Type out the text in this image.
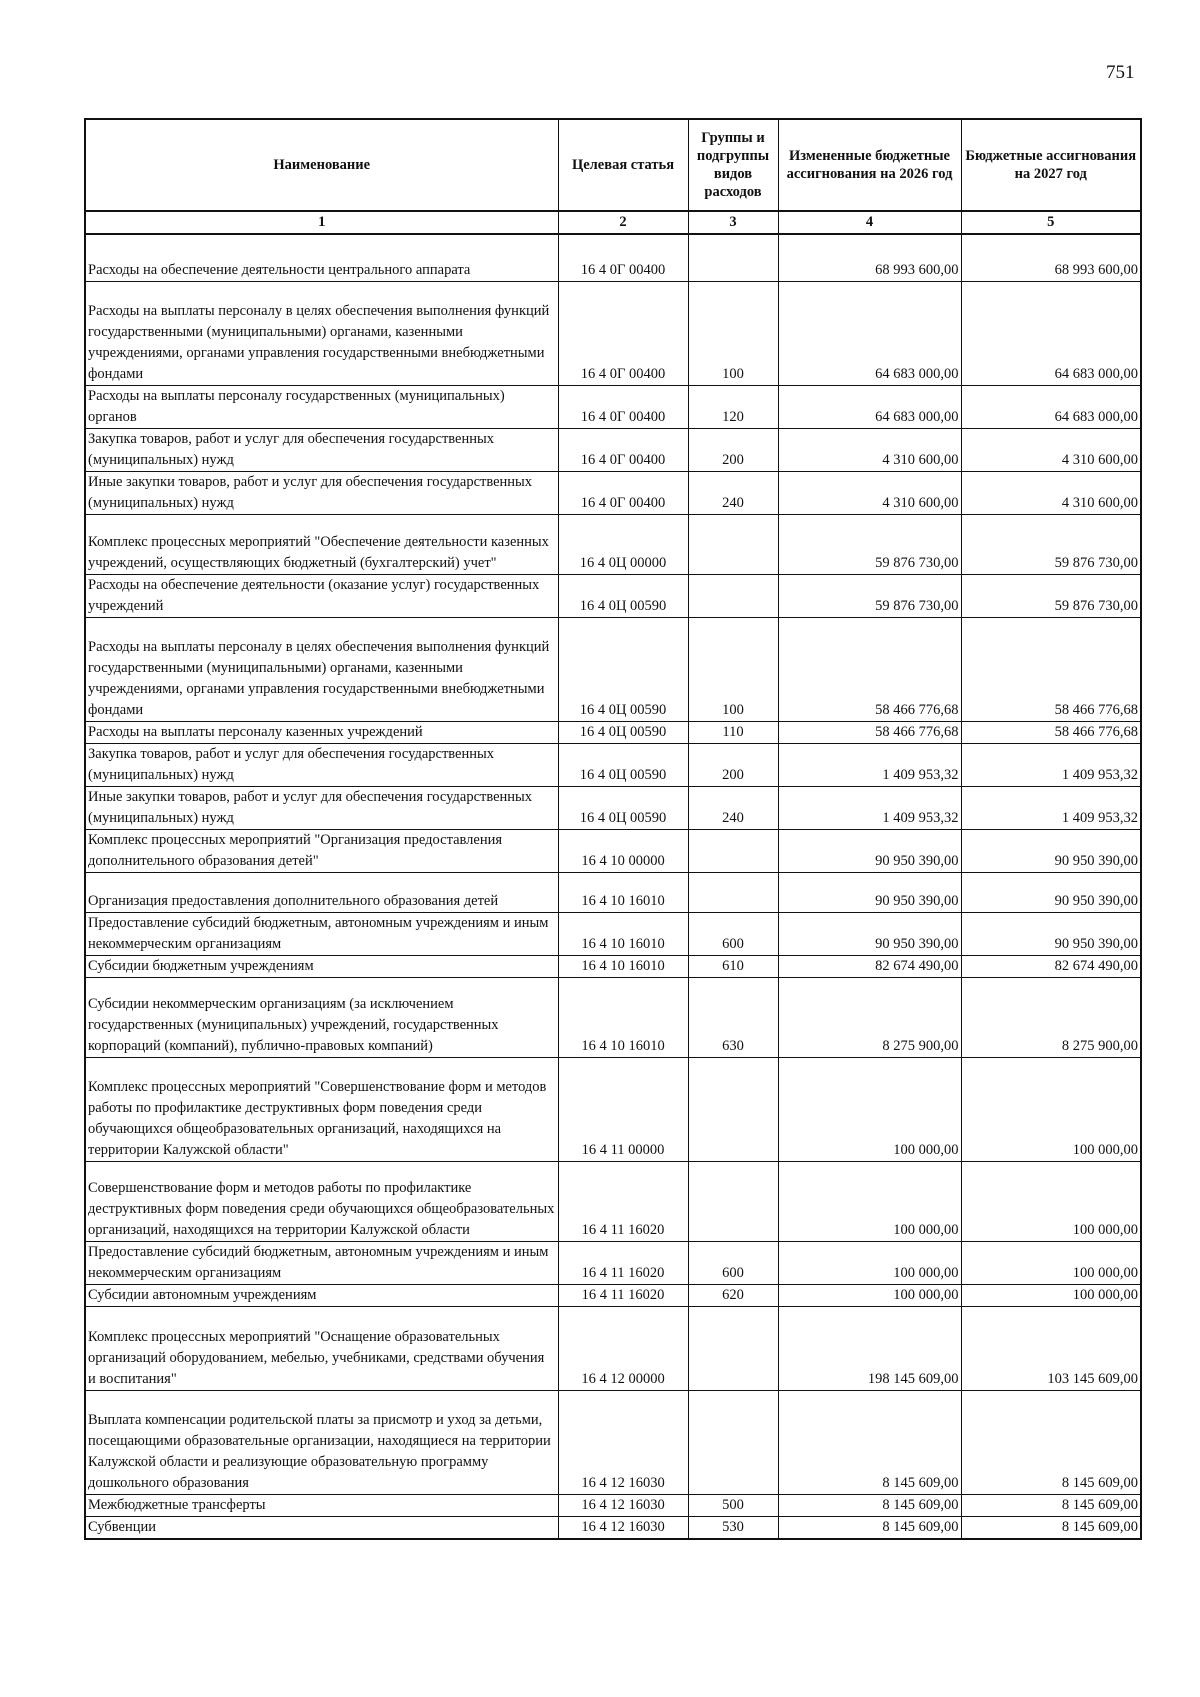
751
Наименование	Целевая статья	Группы и подгруппы видов расходов	Измененные бюджетные ассигнования на 2026 год	Бюджетные ассигнования на 2027 год
1	2	3	4	5
Расходы на обеспечение деятельности центрального аппарата	16 4 0Г 00400		68 993 600,00	68 993 600,00
Расходы на выплаты персоналу в целях обеспечения выполнения функций государственными (муниципальными) органами, казенными учреждениями, органами управления государственными внебюджетными фондами	16 4 0Г 00400	100	64 683 000,00	64 683 000,00
Расходы на выплаты персоналу государственных (муниципальных) органов	16 4 0Г 00400	120	64 683 000,00	64 683 000,00
Закупка товаров, работ и услуг для обеспечения государственных (муниципальных) нужд	16 4 0Г 00400	200	4 310 600,00	4 310 600,00
Иные закупки товаров, работ и услуг для обеспечения государственных (муниципальных) нужд	16 4 0Г 00400	240	4 310 600,00	4 310 600,00
Комплекс процессных мероприятий "Обеспечение деятельности казенных учреждений, осуществляющих бюджетный (бухгалтерский) учет"	16 4 0Ц 00000		59 876 730,00	59 876 730,00
Расходы на обеспечение деятельности (оказание услуг) государственных учреждений	16 4 0Ц 00590		59 876 730,00	59 876 730,00
Расходы на выплаты персоналу в целях обеспечения выполнения функций государственными (муниципальными) органами, казенными учреждениями, органами управления государственными внебюджетными фондами	16 4 0Ц 00590	100	58 466 776,68	58 466 776,68
Расходы на выплаты персоналу казенных учреждений	16 4 0Ц 00590	110	58 466 776,68	58 466 776,68
Закупка товаров, работ и услуг для обеспечения государственных (муниципальных) нужд	16 4 0Ц 00590	200	1 409 953,32	1 409 953,32
Иные закупки товаров, работ и услуг для обеспечения государственных (муниципальных) нужд	16 4 0Ц 00590	240	1 409 953,32	1 409 953,32
Комплекс процессных мероприятий "Организация предоставления дополнительного образования детей"	16 4 10 00000		90 950 390,00	90 950 390,00
Организация предоставления дополнительного образования детей	16 4 10 16010		90 950 390,00	90 950 390,00
Предоставление субсидий бюджетным, автономным учреждениям и иным некоммерческим организациям	16 4 10 16010	600	90 950 390,00	90 950 390,00
Субсидии бюджетным учреждениям	16 4 10 16010	610	82 674 490,00	82 674 490,00
Субсидии некоммерческим организациям (за исключением государственных (муниципальных) учреждений, государственных корпораций (компаний), публично-правовых компаний)	16 4 10 16010	630	8 275 900,00	8 275 900,00
Комплекс процессных мероприятий "Совершенствование форм и методов работы по профилактике деструктивных форм поведения среди обучающихся общеобразовательных организаций, находящихся на территории Калужской области"	16 4 11 00000		100 000,00	100 000,00
Совершенствование форм и методов работы по профилактике деструктивных форм поведения среди обучающихся общеобразовательных организаций, находящихся на территории Калужской области	16 4 11 16020		100 000,00	100 000,00
Предоставление субсидий бюджетным, автономным учреждениям и иным некоммерческим организациям	16 4 11 16020	600	100 000,00	100 000,00
Субсидии автономным учреждениям	16 4 11 16020	620	100 000,00	100 000,00
Комплекс процессных мероприятий "Оснащение образовательных организаций оборудованием, мебелью, учебниками, средствами обучения и воспитания"	16 4 12 00000		198 145 609,00	103 145 609,00
Выплата компенсации родительской платы за присмотр и уход за детьми, посещающими образовательные организации, находящиеся на территории Калужской области и реализующие образовательную программу дошкольного образования	16 4 12 16030		8 145 609,00	8 145 609,00
Межбюджетные трансферты	16 4 12 16030	500	8 145 609,00	8 145 609,00
Субвенции	16 4 12 16030	530	8 145 609,00	8 145 609,00
